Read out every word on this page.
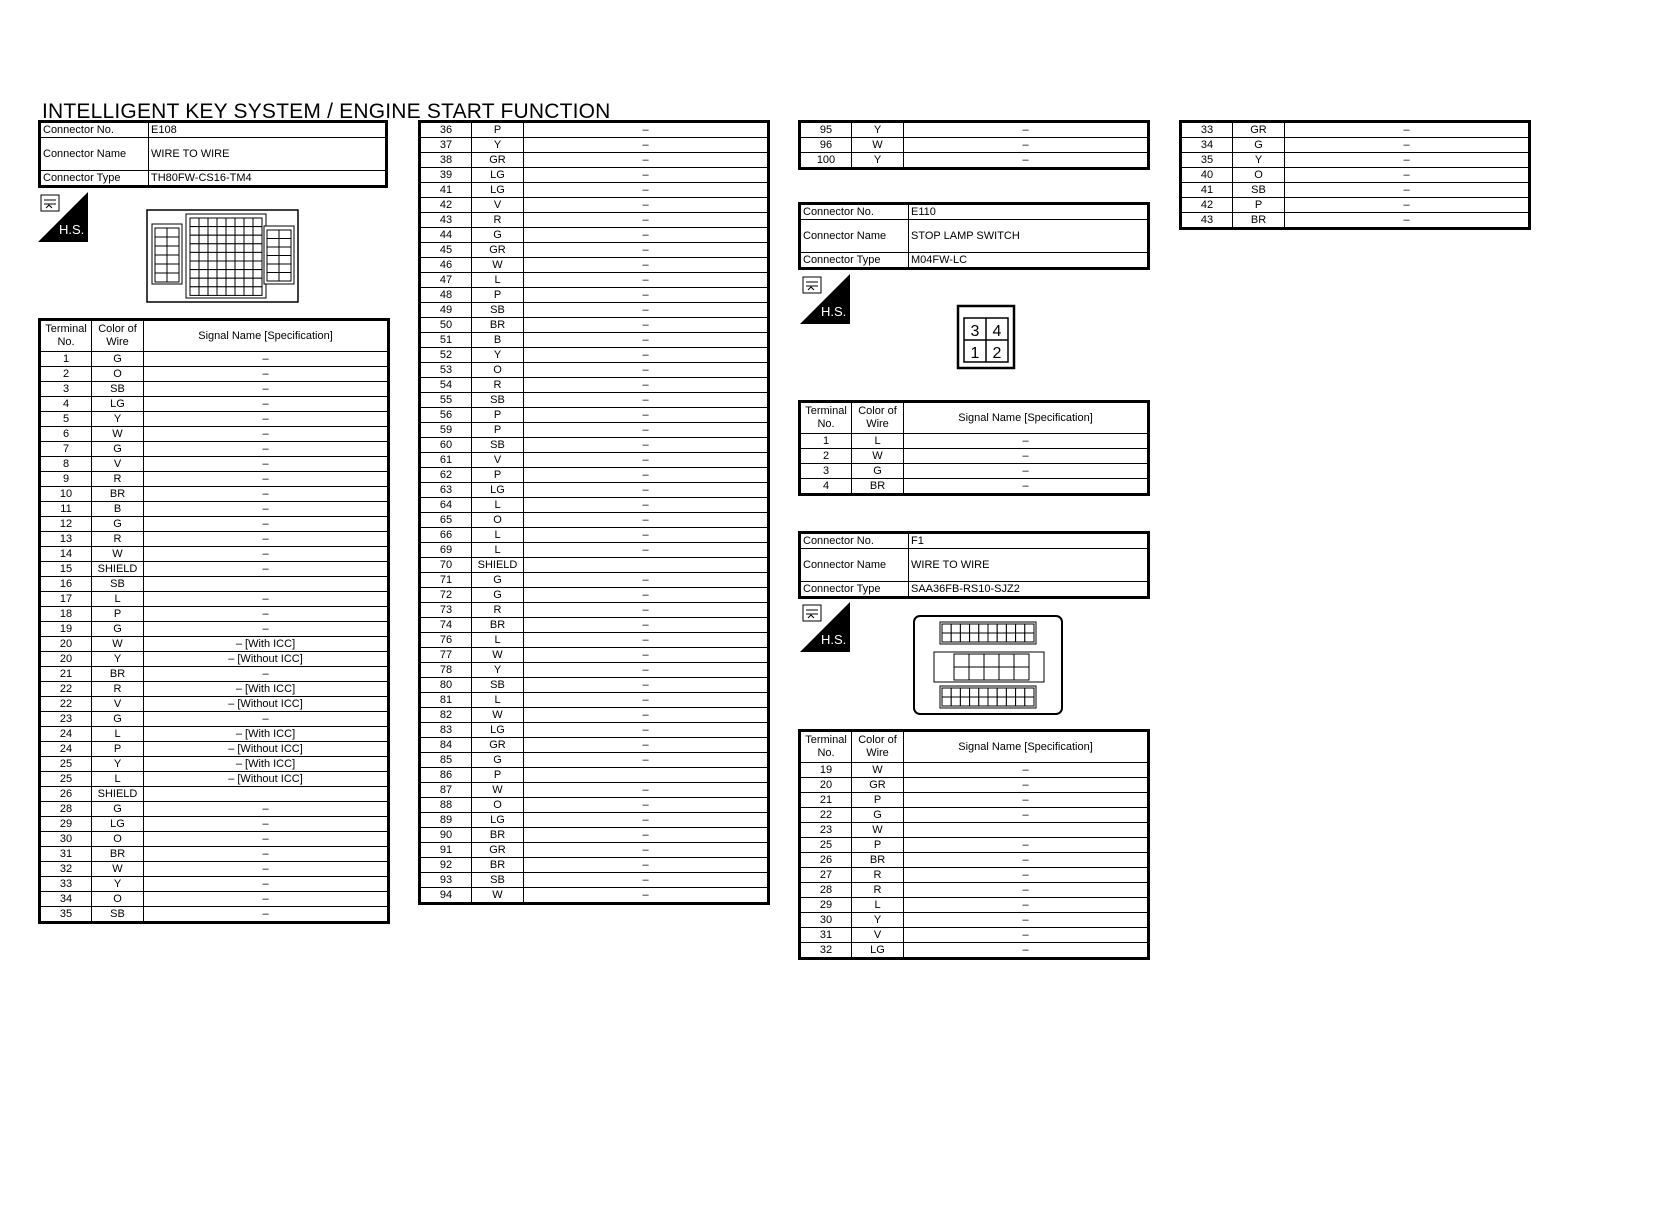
INTELLIGENT KEY SYSTEM / ENGINE START FUNCTION
Connector No.	E108
Connector Name	WIRE TO WIRE
Connector Type	TH80FW-CS16-TM4
H.S.
Terminal No.	Color of Wire	Signal Name [Specification]
1	G	–
2	O	–
3	SB	–
4	LG	–
5	Y	–
6	W	–
7	G	–
8	V	–
9	R	–
10	BR	–
11	B	–
12	G	–
13	R	–
14	W	–
15	SHIELD	–
16	SB	
17	L	–
18	P	–
19	G	–
20	W	– [With ICC]
20	Y	– [Without ICC]
21	BR	–
22	R	– [With ICC]
22	V	– [Without ICC]
23	G	–
24	L	– [With ICC]
24	P	– [Without ICC]
25	Y	– [With ICC]
25	L	– [Without ICC]
26	SHIELD	
28	G	–
29	LG	–
30	O	–
31	BR	–
32	W	–
33	Y	–
34	O	–
35	SB	–
36	P	–
37	Y	–
38	GR	–
39	LG	–
41	LG	–
42	V	–
43	R	–
44	G	–
45	GR	–
46	W	–
47	L	–
48	P	–
49	SB	–
50	BR	–
51	B	–
52	Y	–
53	O	–
54	R	–
55	SB	–
56	P	–
59	P	–
60	SB	–
61	V	–
62	P	–
63	LG	–
64	L	–
65	O	–
66	L	–
69	L	–
70	SHIELD	
71	G	–
72	G	–
73	R	–
74	BR	–
76	L	–
77	W	–
78	Y	–
80	SB	–
81	L	–
82	W	–
83	LG	–
84	GR	–
85	G	–
86	P	
87	W	–
88	O	–
89	LG	–
90	BR	–
91	GR	–
92	BR	–
93	SB	–
94	W	–
95	Y	–
96	W	–
100	Y	–
Connector No.	E110
Connector Name	STOP LAMP SWITCH
Connector Type	M04FW-LC
H.S.
3 4
1 2
Terminal No.	Color of Wire	Signal Name [Specification]
1	L	–
2	W	–
3	G	–
4	BR	–
Connector No.	F1
Connector Name	WIRE TO WIRE
Connector Type	SAA36FB-RS10-SJZ2
H.S.
Terminal No.	Color of Wire	Signal Name [Specification]
19	W	–
20	GR	–
21	P	–
22	G	–
23	W	
25	P	–
26	BR	–
27	R	–
28	R	–
29	L	–
30	Y	–
31	V	–
32	LG	–
33	GR	–
34	G	–
35	Y	–
40	O	–
41	SB	–
42	P	–
43	BR	–
